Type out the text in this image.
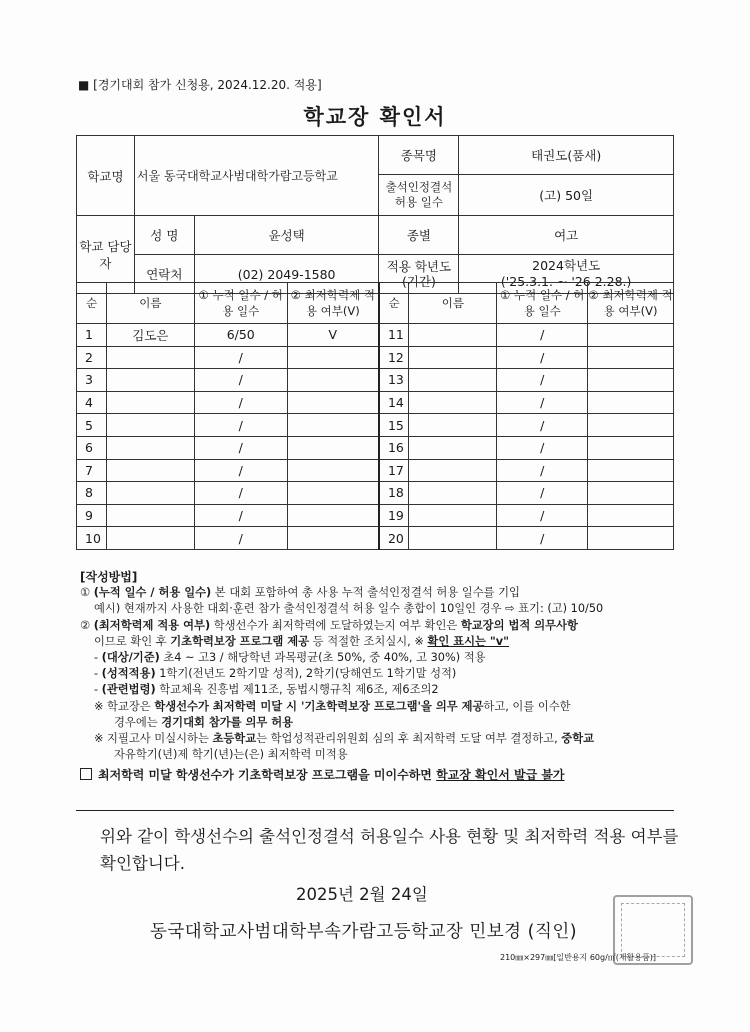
■ [경기대회 참가 신청용, 2024.12.20. 적용]
학교장 확인서
학교명	서울 동국대학교사범대학가람고등학교		종목명	태권도(품새)
			출석인정결석 허용 일수	(고) 50일
학교 담당자	성 명	윤성택	종별	여고
	연락처	(02) 2049-1580	적용 학년도 (기간)	2024학년도
('25.3.1. ~ '26 2.28.)
순	이름	① 누적 일수 / 허용 일수	② 최저학력제 적용 여부(V)	순	이름	① 누적 일수 / 허용 일수	② 최저학력제 적용 여부(V)
1	김도은	6/50	V	11		/	
2		/		12		/	
3		/		13		/	
4		/		14		/	
5		/		15		/	
6		/		16		/	
7		/		17		/	
8		/		18		/	
9		/		19		/	
10		/		20		/	
[작성방법]
① (누적 일수 / 허용 일수) 본 대회 포함하여 총 사용 누적 출석인정결석 허용 일수를 기입
예시) 현재까지 사용한 대회·훈련 참가 출석인정결석 허용 일수 총합이 10일인 경우 ⇨ 표기: (고) 10/50
② (최저학력제 적용 여부) 학생선수가 최저학력에 도달하였는지 여부 확인은 학교장의 법적 의무사항
이므로 확인 후 기초학력보장 프로그램 제공 등 적절한 조치실시, ※ 확인 표시는 "v"
- (대상/기준) 초4 ~ 고3 / 해당학년 과목평균(초 50%, 중 40%, 고 30%) 적용
- (성적적용) 1학기(전년도 2학기말 성적), 2학기(당해연도 1학기말 성적)
- (관련법령) 학교체육 진흥법 제11조, 동법시행규칙 제6조, 제6조의2
※ 학교장은 학생선수가 최저학력 미달 시 '기초학력보장 프로그램'을 의무 제공하고, 이를 이수한
경우에는 경기대회 참가를 의무 허용
※ 지필고사 미실시하는 초등학교는 학업성적관리위원회 심의 후 최저학력 도달 여부 결정하고, 중학교
자유학기(년)제 학기(년)는(은) 최저학력 미적용
최저학력 미달 학생선수가 기초학력보장 프로그램을 미이수하면 학교장 확인서 발급 불가
위와 같이 학생선수의 출석인정결석 허용일수 사용 현황 및 최저학력 적용 여부를 확인합니다.
2025년 2월 24일
동국대학교사범대학부속가람고등학교장 민보경 (직인)
210㎜×297㎜[일반용지 60g/㎡(재활용품)]
